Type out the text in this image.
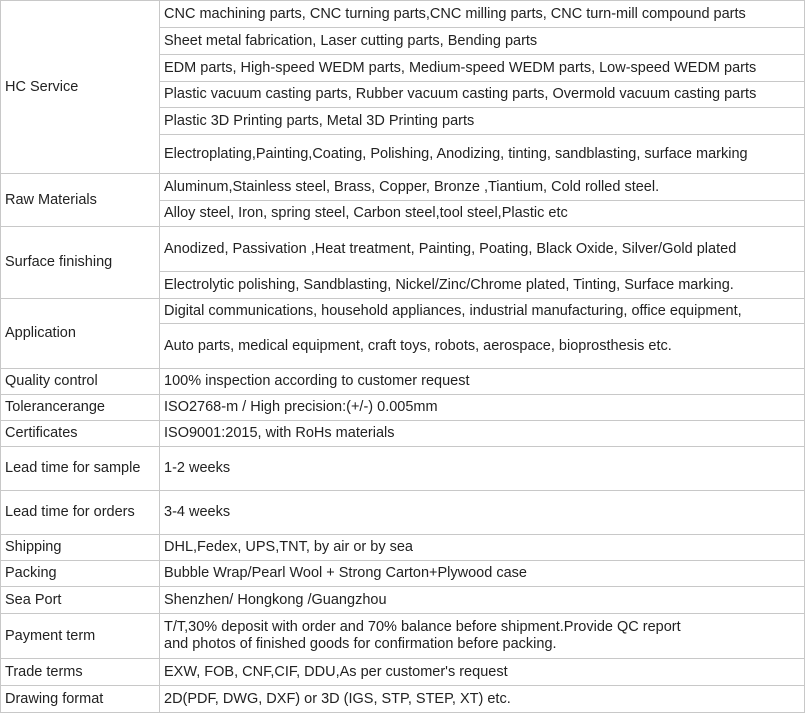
HC Service	CNC machining parts, CNC turning parts,CNC milling parts, CNC turn-mill compound parts
	Sheet metal fabrication, Laser cutting parts, Bending parts
	EDM parts, High-speed WEDM parts, Medium-speed WEDM parts, Low-speed WEDM parts
	Plastic vacuum casting parts, Rubber vacuum casting parts, Overmold vacuum casting parts
	Plastic 3D Printing parts, Metal 3D Printing parts
	Electroplating,Painting,Coating, Polishing, Anodizing, tinting, sandblasting, surface marking
Raw Materials	Aluminum,Stainless steel, Brass, Copper, Bronze ,Tiantium, Cold rolled steel.
	Alloy steel, Iron, spring steel, Carbon steel,tool steel,Plastic etc
Surface finishing	Anodized, Passivation ,Heat treatment, Painting, Poating, Black Oxide, Silver/Gold plated
	Electrolytic polishing, Sandblasting, Nickel/Zinc/Chrome plated, Tinting, Surface marking.
Application	Digital communications, household appliances, industrial manufacturing, office equipment,
	Auto parts, medical equipment, craft toys, robots, aerospace, bioprosthesis etc.
Quality control	100% inspection according to customer request
Tolerancerange	ISO2768-m / High precision:(+/-) 0.005mm
Certificates	ISO9001:2015, with RoHs materials
Lead time for sample	1-2 weeks
Lead time for orders	3-4 weeks
Shipping	DHL,Fedex, UPS,TNT, by air or by sea
Packing	Bubble Wrap/Pearl Wool + Strong Carton+Plywood case
Sea Port	Shenzhen/ Hongkong /Guangzhou
Payment term	T/T,30% deposit with order and 70% balance before shipment.Provide QC report
and photos of finished goods for confirmation before packing.

Trade terms	EXW, FOB, CNF,CIF, DDU,As per customer's request
Drawing format	2D(PDF, DWG, DXF) or 3D (IGS, STP, STEP, XT) etc.
